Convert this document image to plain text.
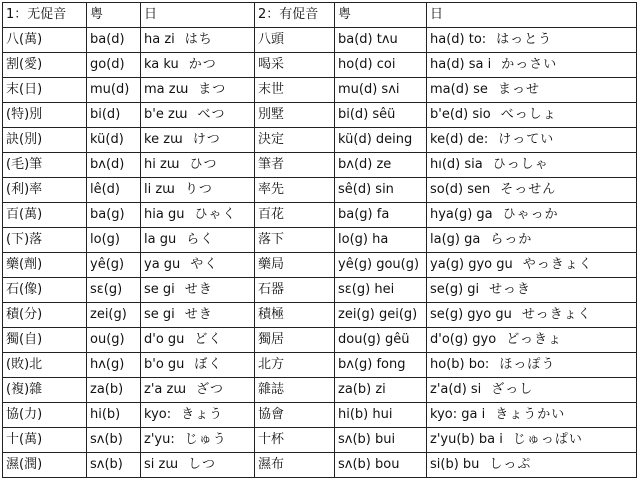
1：无促音	粤	日	2：有促音	粤	日
八(萬)	ba(d)	ha zi はち	八頭	ba(d) tʌu	ha(d) to: はっとう
割(愛)	go(d)	ka ku かつ	喝采	ho(d) coi	ha(d) sa i かっさい
末(日)	mu(d)	ma zɯ まつ	末世	mu(d) sʌi	ma(d) se まっせ
(特)別	bi(d)	b'e zɯ べつ	別墅	bi(d) sêü	b'e(d) sio べっしょ
訣(別)	kü(d)	ke zɯ けつ	決定	kü(d) deing	ke(d) de: けってい
(毛)筆	bʌ(d)	hi zɯ ひつ	筆者	bʌ(d) ze	hı(d) sia ひっしゃ
(利)率	lê(d)	li zɯ りつ	率先	sê(d) sin	so(d) sen そっせん
百(萬)	ba(g)	hia gu ひゃく	百花	ba(g) fa	hya(g) ga ひゃっか
(下)落	lo(g)	la gu らく	落下	lo(g) ha	la(g) ga らっか
藥(劑)	yê(g)	ya gu やく	藥局	yê(g) gou(g)	ya(g) gyo gu やっきょく
石(像)	sɛ(g)	se gi せき	石器	sɛ(g) hei	se(g) gi せっき
積(分)	zei(g)	se gi せき	積極	zei(g) gei(g)	se(g) gyo gu せっきょく
獨(自)	ou(g)	d'o gu どく	獨居	dou(g) gêü	d'o(g) gyo どっきょ
(敗)北	hʌ(g)	b'o gu ぼく	北方	bʌ(g) fong	ho(b) bo: ほっぽう
(複)雜	za(b)	z'a zɯ ざつ	雜誌	za(b) zi	z'a(d) si ざっし
協(力)	hi(b)	kyo: きょう	協會	hi(b) hui	kyo: ga i きょうかい
十(萬)	sʌ(b)	z'yu: じゅう	十杯	sʌ(b) bui	z'yu(b) ba i じゅっぱい
濕(潤)	sʌ(b)	si zɯ しつ	濕布	sʌ(b) bou	si(b) bu しっぷ
